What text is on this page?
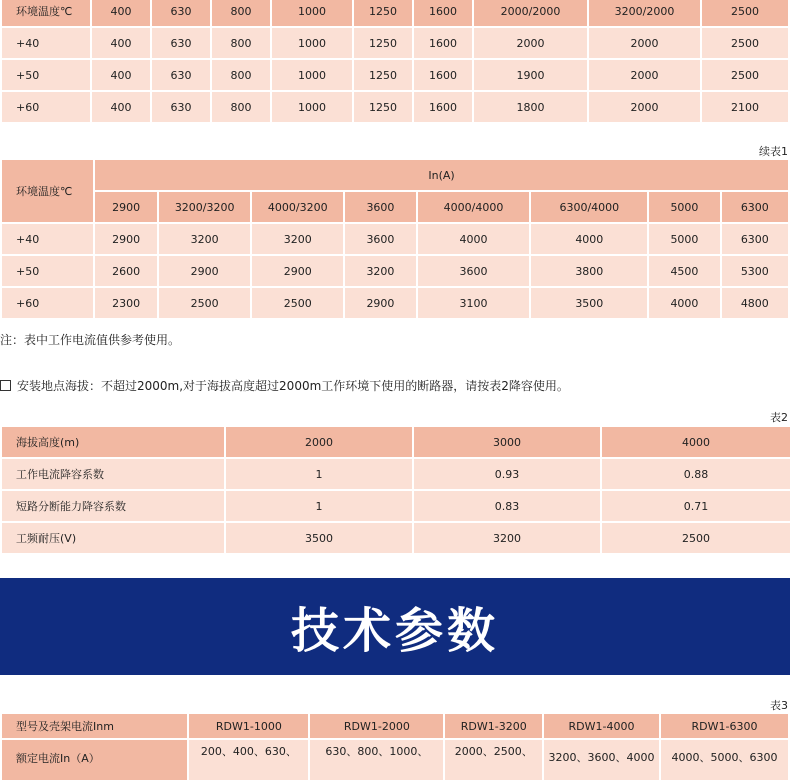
环境温度℃	400	630	800	1000	1250	1600	2000/2000	3200/2000	2500
+40	400	630	800	1000	1250	1600	2000	2000	2500
+50	400	630	800	1000	1250	1600	1900	2000	2500
+60	400	630	800	1000	1250	1600	1800	2000	2100
续表1
环境温度℃	In(A)							
	2900	3200/3200	4000/3200	3600	4000/4000	6300/4000	5000	6300
+40	2900	3200	3200	3600	4000	4000	5000	6300
+50	2600	2900	2900	3200	3600	3800	4500	5300
+60	2300	2500	2500	2900	3100	3500	4000	4800
注：表中工作电流值供参考使用。
安装地点海拔：不超过2000m,对于海拔高度超过2000m工作环境下使用的断路器，请按表2降容使用。
表2
海拔高度(m)	2000	3000	4000
工作电流降容系数	1	0.93	0.88
短路分断能力降容系数	1	0.83	0.71
工频耐压(V)	3500	3200	2500
技术参数
表3
型号及壳架电流Inm	RDW1-1000	RDW1-2000	RDW1-3200	RDW1-4000	RDW1-6300
额定电流In（A）	200、400、630、	630、800、1000、	2000、2500、	3200、3600、4000	4000、5000、6300
